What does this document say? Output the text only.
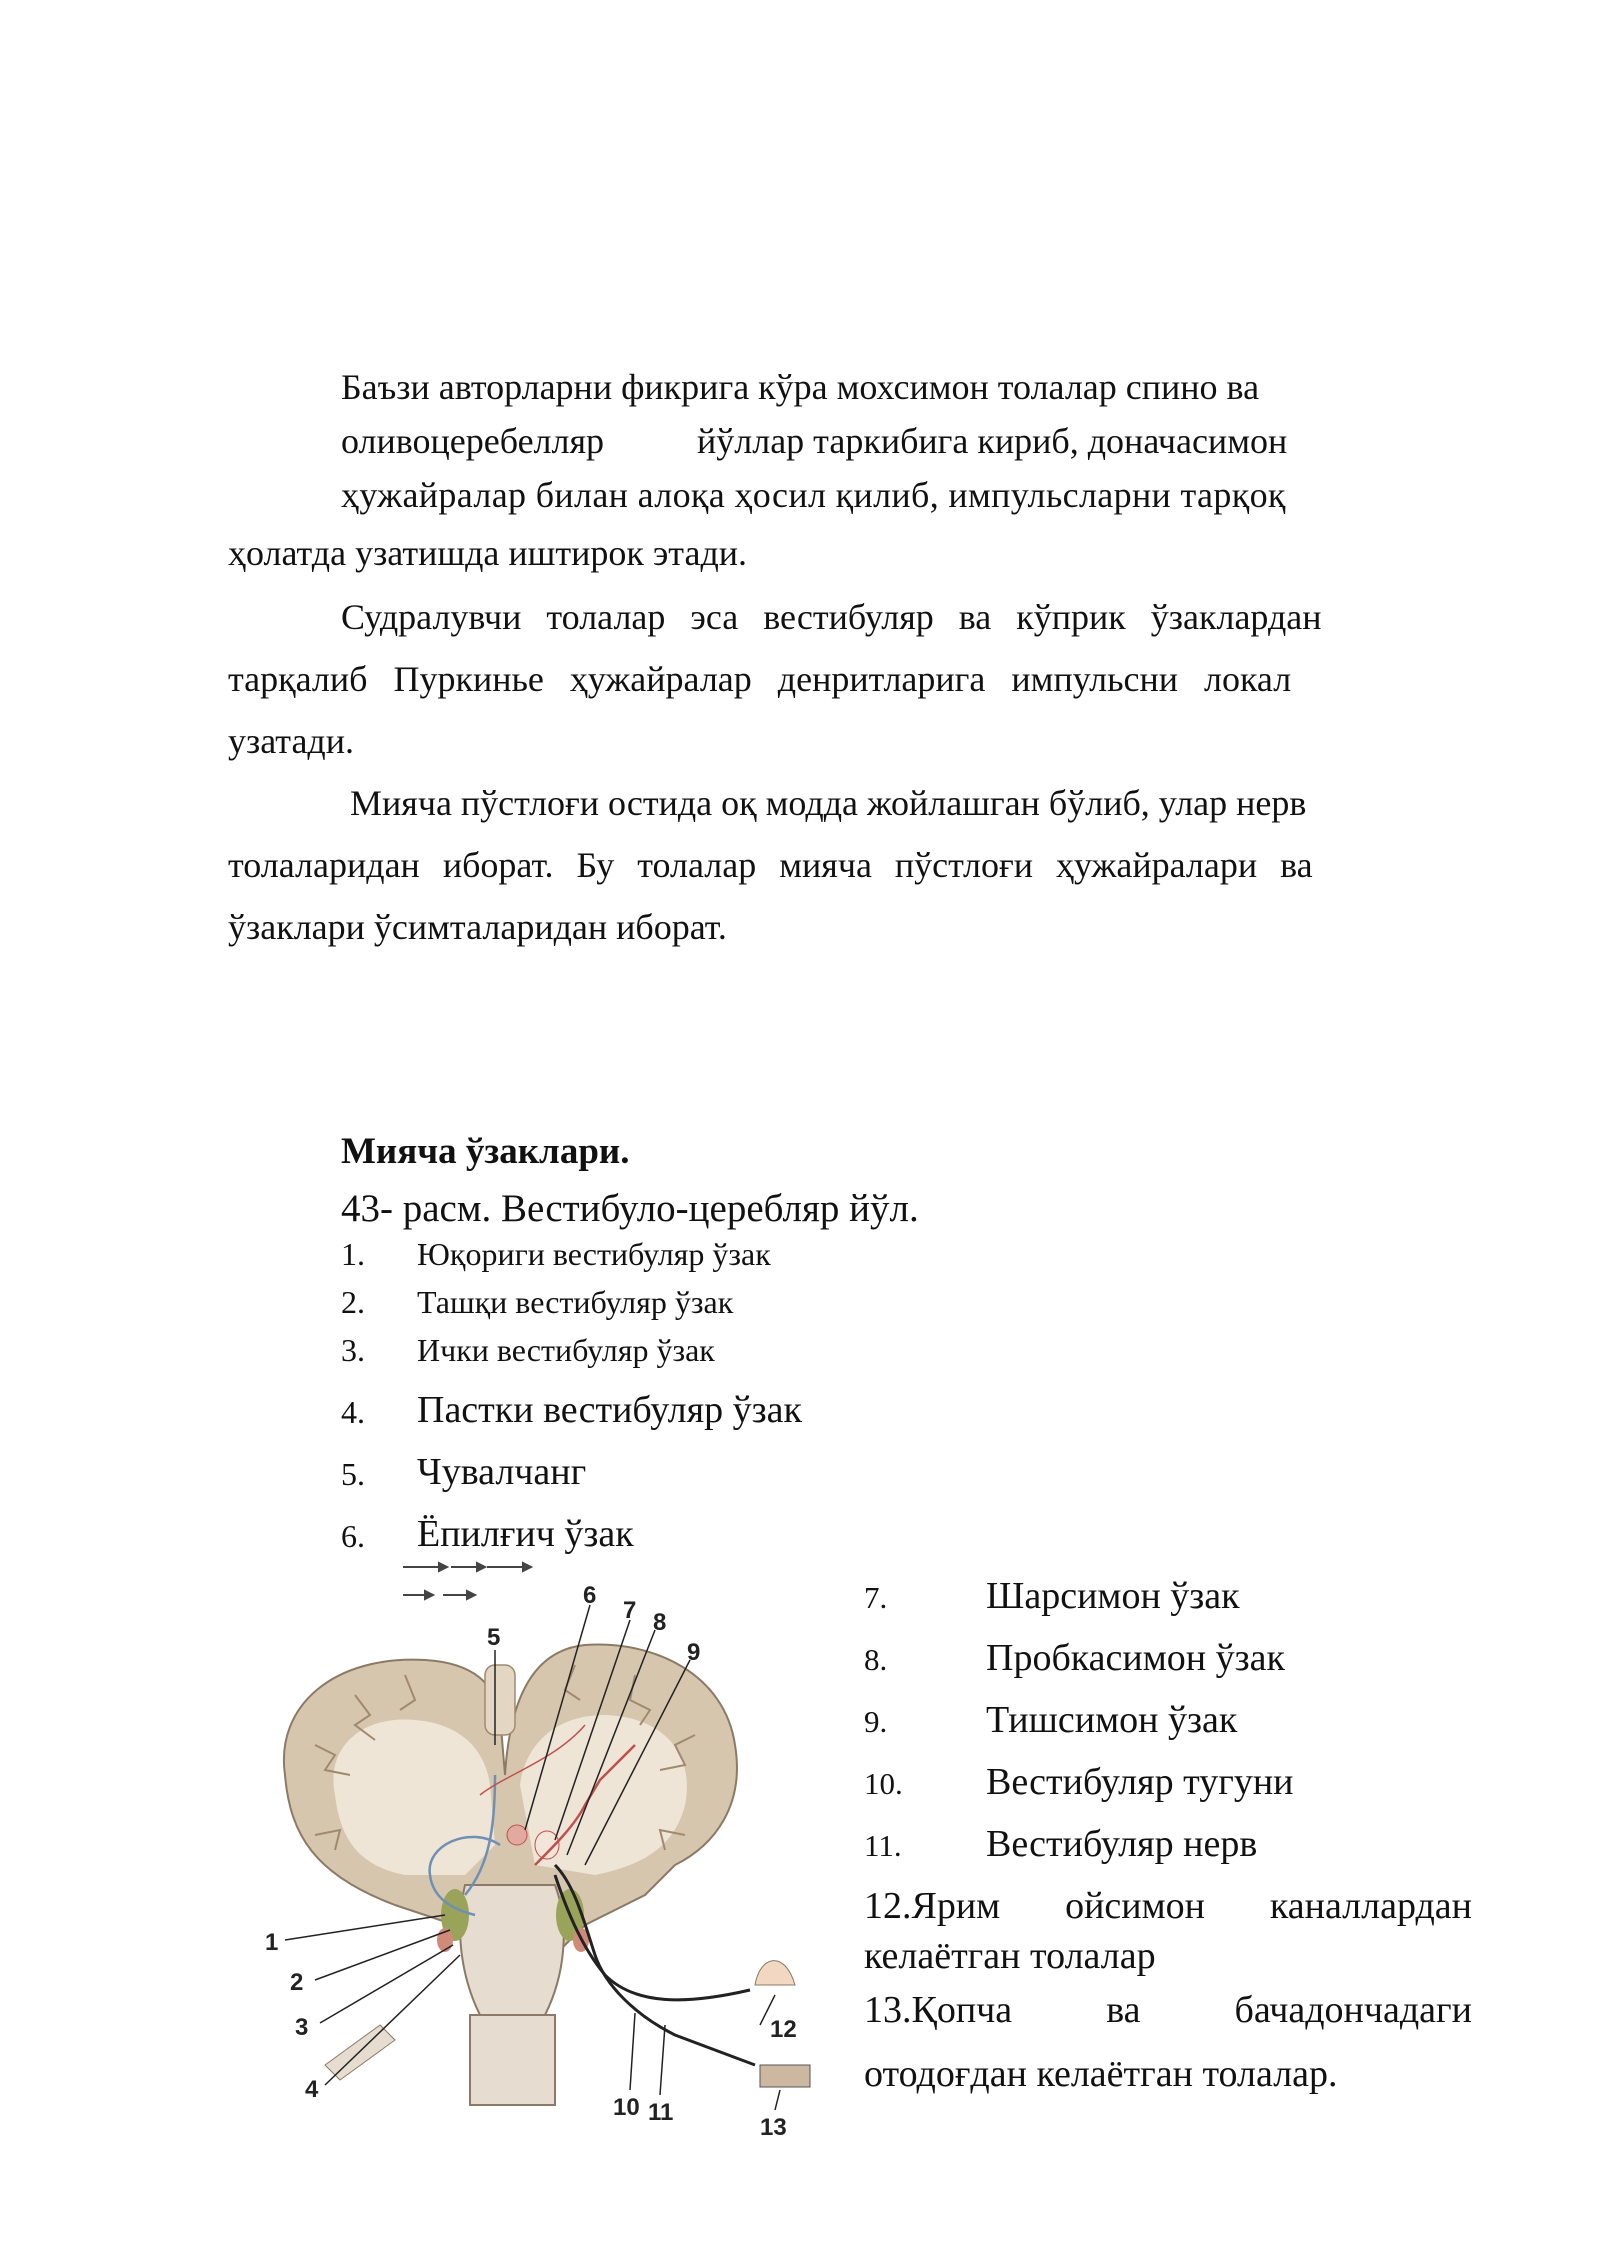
Баъзи авторларни фикрига кўра мохсимон толалар спино ва
оливоцеребелляр	йўллар таркибига кириб, доначасимон
ҳужайралар билан алоқа ҳосил қилиб, импульсларни тарқоқ
ҳолатда узатишда иштирок этади.
Судралувчи толалар эса вестибуляр ва кўприк ўзаклардан
тарқалиб Пуркинье ҳужайралар денритларига импульсни локал
узатади.
Мияча пўстлоғи остида оқ модда жойлашган бўлиб, улар нерв
толаларидан иборат. Бу толалар мияча пўстлоғи ҳужайралари ва
ўзаклари ўсимталаридан иборат.
Мияча ўзаклари.
43- расм. Вестибуло-церебляр йўл.
1. Юқориги вестибуляр ўзак
2. Ташқи вестибуляр ўзак
3. Ички вестибуляр ўзак
4. Пастки вестибуляр ўзак
5. Чувалчанг
6. Ёпилғич ўзак
7.	Шарсимон ўзак
8.	Пробкасимон ўзак
9.	Тишсимон ўзак
10. Вестибуляр тугуни
11. Вестибуляр нерв
12.Ярим ойсимон каналлардан
келаётган толалар
13.Қопча ва бачадончадаги
отодоғдан келаётган толалар.
1
2
3
4
5
6
7 8
9
10 11
12
13
